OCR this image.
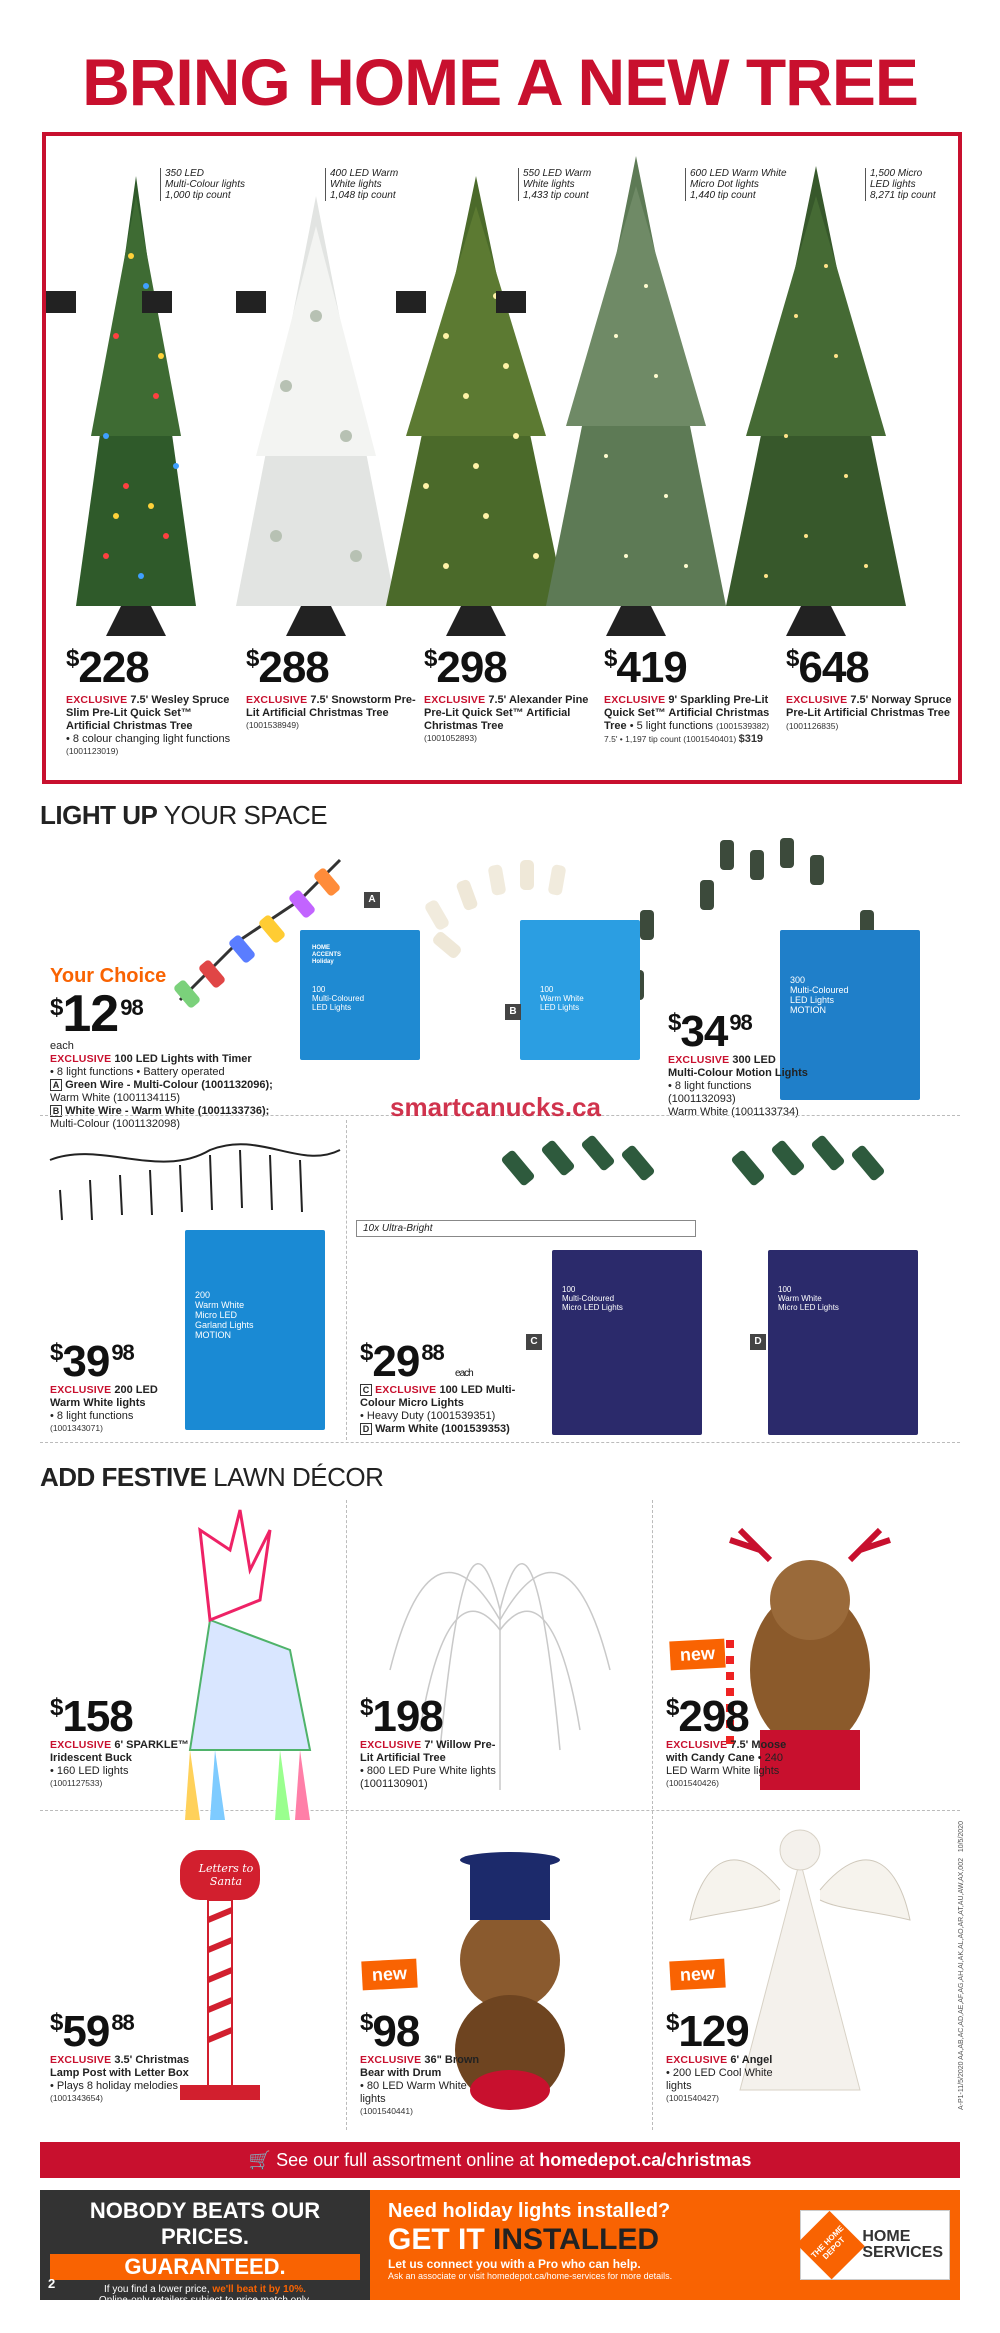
BRING HOME A NEW TREE
350 LED
Multi-Colour lights
1,000 tip count
400 LED Warm
White lights
1,048 tip count
550 LED Warm
White lights
1,433 tip count
600 LED Warm White
Micro Dot lights
1,440 tip count
1,500 Micro
LED lights
8,271 tip count
$228
EXCLUSIVE 7.5' Wesley Spruce Slim Pre-Lit Quick Set™ Artificial Christmas Tree
• 8 colour changing light functions
(1001123019)
$288
EXCLUSIVE 7.5' Snowstorm Pre-Lit Artificial Christmas Tree
(1001538949)
$298
EXCLUSIVE 7.5' Alexander Pine Pre-Lit Quick Set™ Artificial Christmas Tree
(1001052893)
$419
EXCLUSIVE 9' Sparkling Pre-Lit Quick Set™ Artificial Christmas Tree • 5 light functions (1001539382)
7.5' • 1,197 tip count (1001540401) $319
$648
EXCLUSIVE 7.5' Norway Spruce Pre-Lit Artificial Christmas Tree (1001126835)
LIGHT UP YOUR SPACE
100
Multi-Coloured
LED Lights
HOME
ACCENTS
Holiday
100
Warm White
LED Lights
300
Multi-Coloured
LED Lights
MOTION
A
B
Your Choice
$^{\$}12^{98}$
each
EXCLUSIVE 100 LED Lights with Timer
• 8 light functions • Battery operated
A Green Wire - Multi-Colour (1001132096);
Warm White (1001134115)
B White Wire - Warm White (1001133736);
Multi-Colour (1001132098)
$^{\$}34^{98}$
EXCLUSIVE 300 LED Multi-Colour Motion Lights
• 8 light functions (1001132093)
Warm White (1001133734)
smartcanucks.ca
200
Warm White
Micro LED
Garland Lights
MOTION
100
Multi-Coloured
Micro LED Lights
100
Warm White
Micro LED Lights
C	D
10x Ultra-Bright
$^{\$}39^{98}$
EXCLUSIVE 200 LED Warm White lights
• 8 light functions
(1001343071)
$^{\$}29^{88}$ each
C EXCLUSIVE 100 LED Multi-Colour Micro Lights
• Heavy Duty (1001539351)
D Warm White (1001539353)
ADD FESTIVE LAWN DÉCOR
Letters to Santa
new
new	new
$158
EXCLUSIVE 6' SPARKLE™ Iridescent Buck
• 160 LED lights
(1001127533)
$198
EXCLUSIVE 7' Willow Pre-Lit Artificial Tree
• 800 LED Pure White lights (1001130901)
$298
EXCLUSIVE 7.5' Moose with Candy Cane • 240 LED Warm White lights
(1001540426)
$^{\$}59^{88}$
EXCLUSIVE 3.5' Christmas Lamp Post with Letter Box
• Plays 8 holiday melodies
(1001343654)
$98
EXCLUSIVE 36" Brown Bear with Drum
• 80 LED Warm White lights
(1001540441)
$129
EXCLUSIVE 6' Angel
• 200 LED Cool White lights
(1001540427)	A-P1-11/5/2020 AA,AB,AC,AD,AE,AF,AG,AH,AI,AK,AL,AO,AR,AT,AU,AW,AX,002   10/5/2020
🛒 See our full assortment online at homedepot.ca/christmas
NOBODY BEATS OUR PRICES.
GUARANTEED.
If you find a lower price, we'll beat it by 10%.
Online-only retailers subject to price match only.
Terms and conditions apply. See page 7 for details***
2
Need holiday lights installed?
GET IT INSTALLED
Let us connect you with a Pro who can help.
Ask an associate or visit homedepot.ca/home-services for more details.
THE HOME DEPOT HOME
SERVICES
